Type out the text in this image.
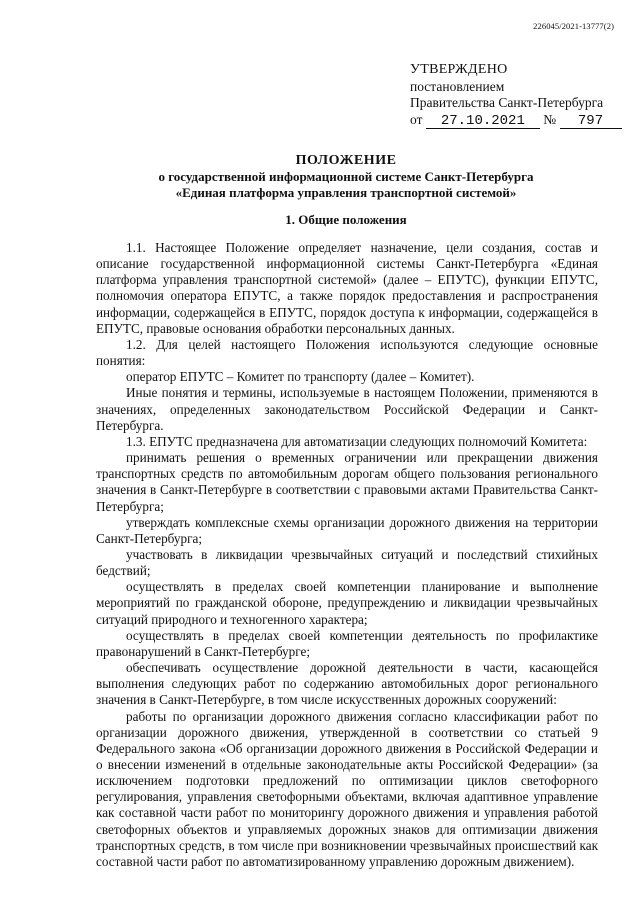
226045/2021-13777(2)
УТВЕРЖДЕНО
постановлением
Правительства Санкт-Петербурга
от 27.10.2021 № 797
ПОЛОЖЕНИЕ
о государственной информационной системе Санкт-Петербурга
«Единая платформа управления транспортной системой»
1. Общие положения

1.1. Настоящее Положение определяет назначение, цели создания, состав и описание государственной информационной системы Санкт-Петербурга «Единая платформа управления транспортной системой» (далее – ЕПУТС), функции ЕПУТС, полномочия оператора ЕПУТС, а также порядок предоставления и распространения информации, содержащейся в ЕПУТС, порядок доступа к информации, содержащейся в ЕПУТС, правовые основания обработки персональных данных.

1.2. Для целей настоящего Положения используются следующие основные понятия:

оператор ЕПУТС – Комитет по транспорту (далее – Комитет).

Иные понятия и термины, используемые в настоящем Положении, применяются в значениях, определенных законодательством Российской Федерации и Санкт-Петербурга.

1.3. ЕПУТС предназначена для автоматизации следующих полномочий Комитета:

принимать решения о временных ограничении или прекращении движения транспортных средств по автомобильным дорогам общего пользования регионального значения в Санкт-Петербурге в соответствии с правовыми актами Правительства Санкт-Петербурга;

утверждать комплексные схемы организации дорожного движения на территории Санкт-Петербурга;

участвовать в ликвидации чрезвычайных ситуаций и последствий стихийных бедствий;

осуществлять в пределах своей компетенции планирование и выполнение мероприятий по гражданской обороне, предупреждению и ликвидации чрезвычайных ситуаций природного и техногенного характера;

осуществлять в пределах своей компетенции деятельность по профилактике правонарушений в Санкт-Петербурге;

обеспечивать осуществление дорожной деятельности в части, касающейся выполнения следующих работ по содержанию автомобильных дорог регионального значения в Санкт-Петербурге, в том числе искусственных дорожных сооружений:

работы по организации дорожного движения согласно классификации работ по организации дорожного движения, утвержденной в соответствии со статьей 9 Федерального закона «Об организации дорожного движения в Российской Федерации и о внесении изменений в отдельные законодательные акты Российской Федерации» (за исключением подготовки предложений по оптимизации циклов светофорного регулирования, управления светофорными объектами, включая адаптивное управление как составной части работ по мониторингу дорожного движения и управления работой светофорных объектов и управляемых дорожных знаков для оптимизации движения транспортных средств, в том числе при возникновении чрезвычайных происшествий как составной части работ по автоматизированному управлению дорожным движением).
